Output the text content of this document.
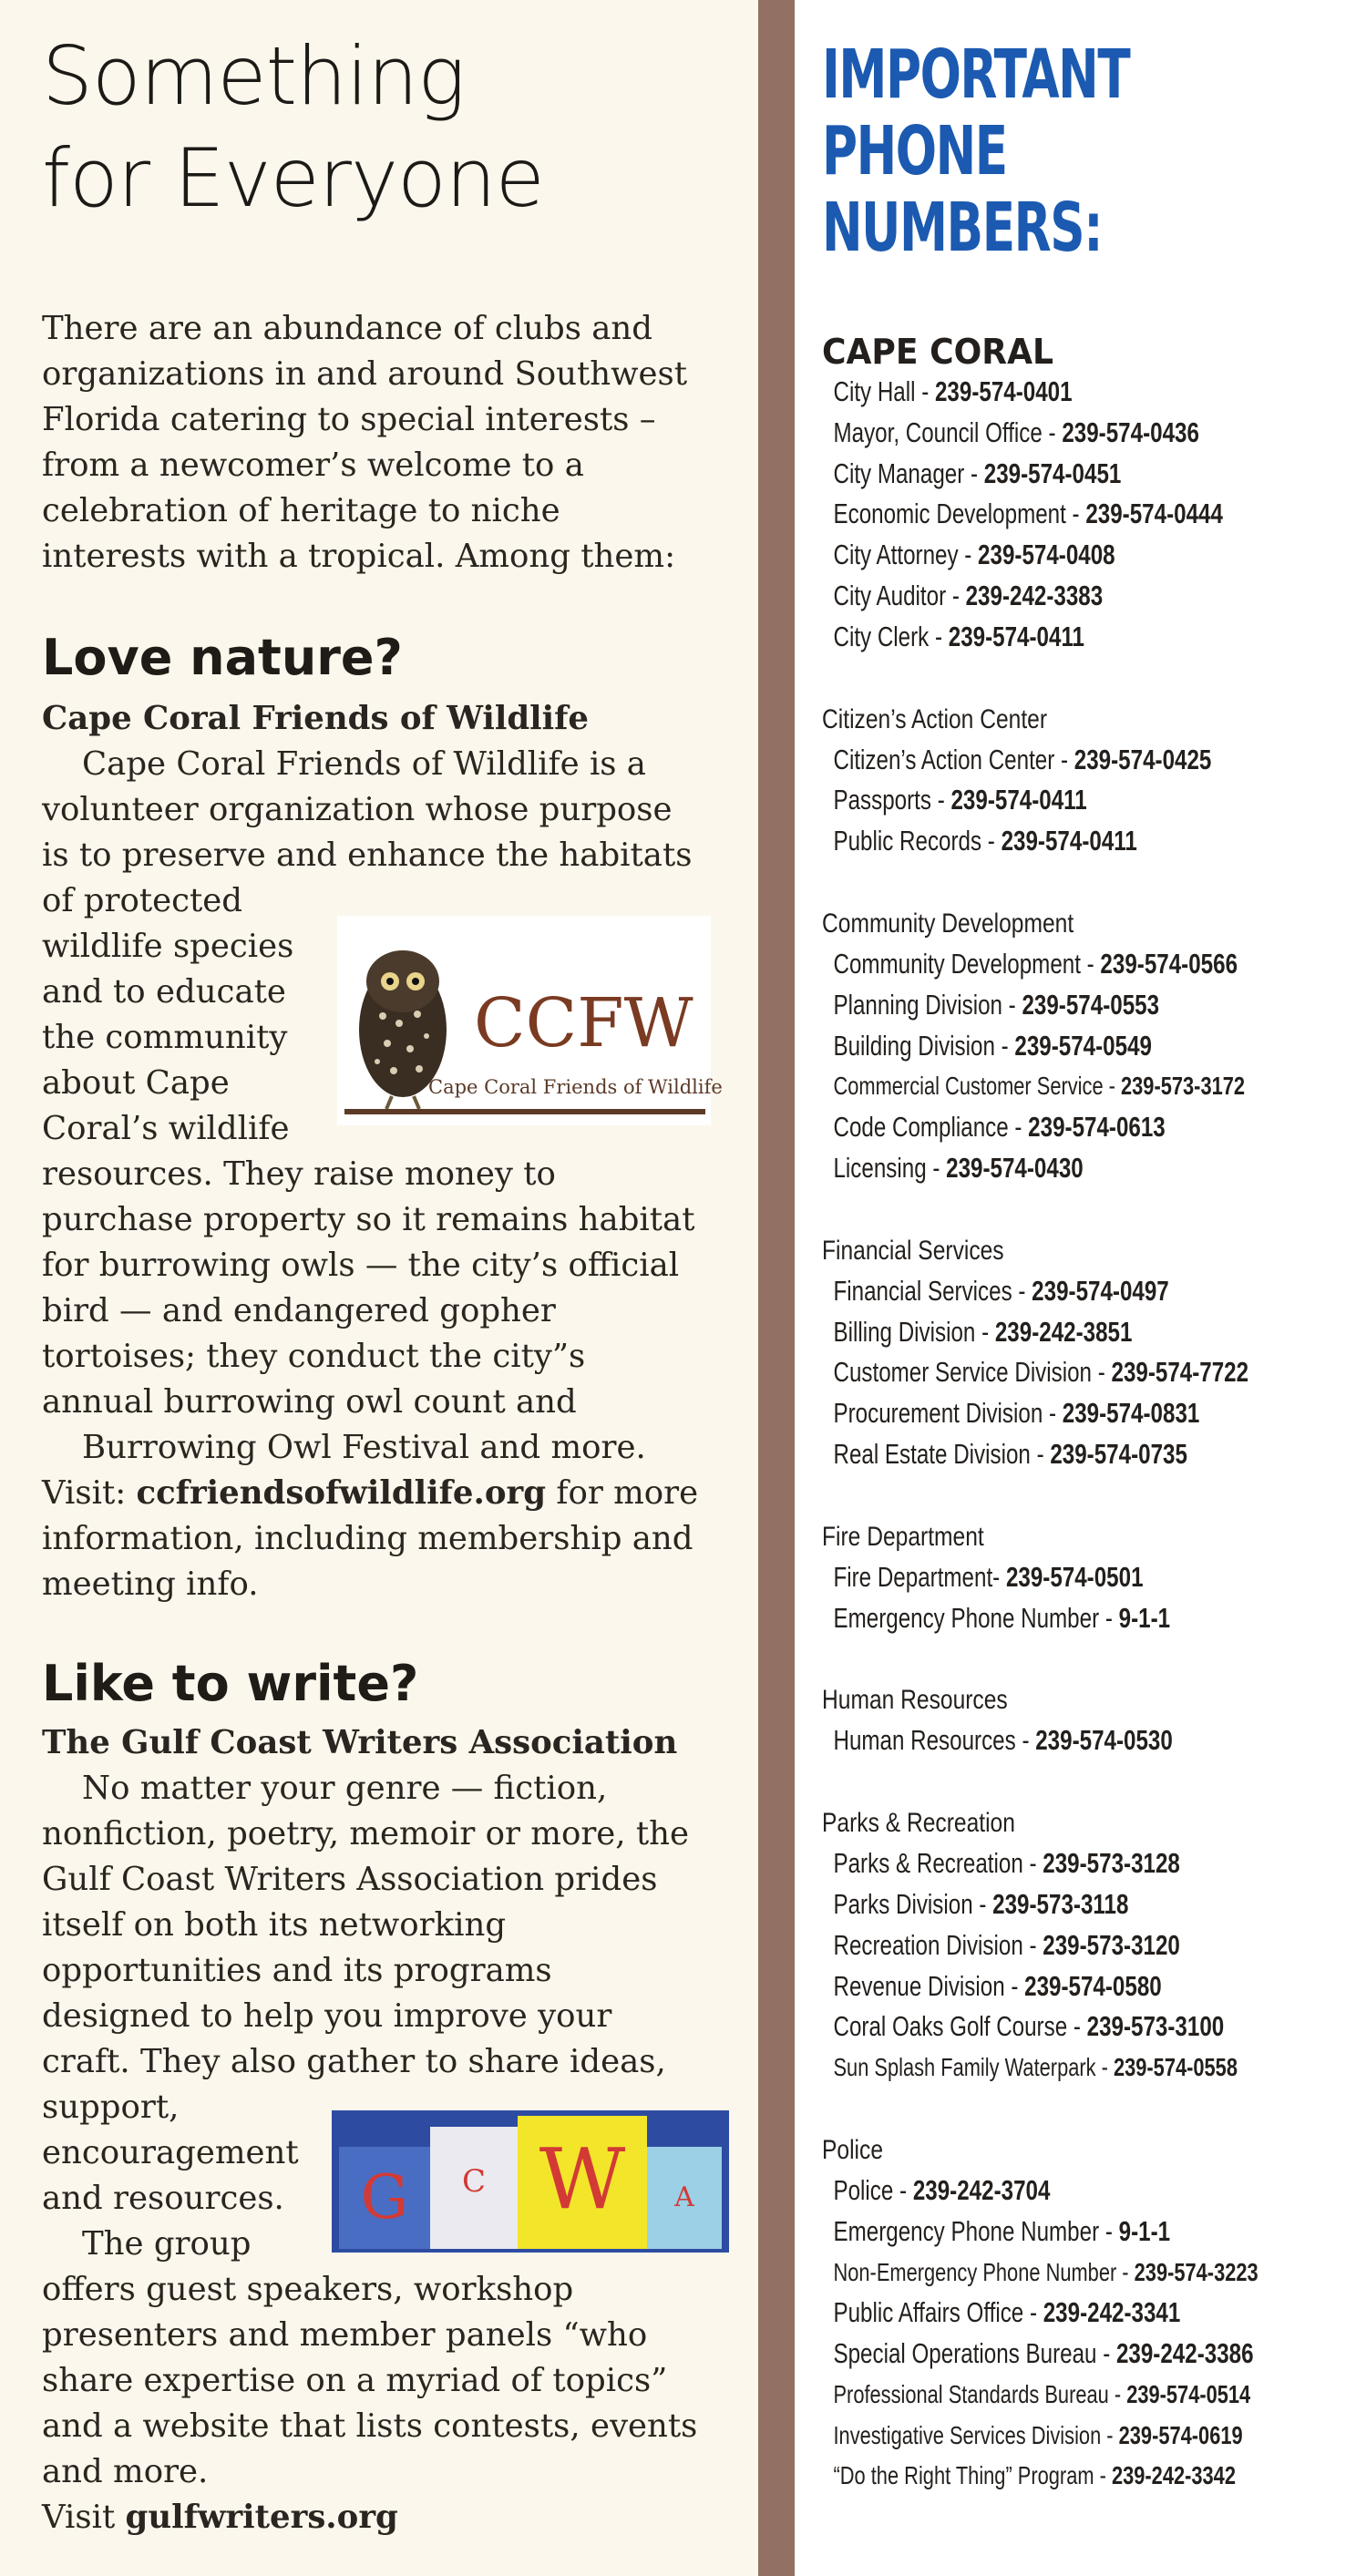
Something
for Everyone
There are an abundance of clubs and
organizations in and around Southwest
Florida catering to special interests –
from a newcomer’s welcome to a
celebration of heritage to niche
interests with a tropical. Among them:
Love nature?
Cape Coral Friends of Wildlife
Cape Coral Friends of Wildlife is a
volunteer organization whose purpose
is to preserve and enhance the habitats
of protected
wildlife species
and to educate
the community
about Cape
Coral’s wildlife
resources. They raise money to
purchase property so it remains habitat
for burrowing owls — the city’s official
bird — and endangered gopher
tortoises; they conduct the city”s
annual burrowing owl count and
Burrowing Owl Festival and more.
Visit: ccfriendsofwildlife.org for more
information, including membership and
meeting info.
CCFW
Cape Coral Friends of Wildlife
Like to write?
The Gulf Coast Writers Association
No matter your genre — fiction,
nonfiction, poetry, memoir or more, the
Gulf Coast Writers Association prides
itself on both its networking
opportunities and its programs
designed to help you improve your
craft. They also gather to share ideas,
support,
encouragement
and resources.
The group
offers guest speakers, workshop
presenters and member panels “who
share expertise on a myriad of topics”
and a website that lists contests, events
and more.
Visit gulfwriters.org
C
G W	A
IMPORTANT
PHONE
NUMBERS:
CAPE CORAL
City Hall - 239-574-0401
Mayor, Council Office - 239-574-0436
City Manager - 239-574-0451
Economic Development - 239-574-0444
City Attorney - 239-574-0408
City Auditor - 239-242-3383
City Clerk - 239-574-0411
Citizen’s Action Center
Citizen’s Action Center - 239-574-0425
Passports - 239-574-0411
Public Records - 239-574-0411
Community Development
Community Development - 239-574-0566
Planning Division - 239-574-0553
Building Division - 239-574-0549
Commercial Customer Service - 239-573-3172
Code Compliance - 239-574-0613
Licensing - 239-574-0430
Financial Services
Financial Services - 239-574-0497
Billing Division - 239-242-3851
Customer Service Division - 239-574-7722
Procurement Division - 239-574-0831
Real Estate Division - 239-574-0735
Fire Department
Fire Department- 239-574-0501
Emergency Phone Number - 9-1-1
Human Resources
Human Resources - 239-574-0530
Parks & Recreation
Parks & Recreation - 239-573-3128
Parks Division - 239-573-3118
Recreation Division - 239-573-3120
Revenue Division - 239-574-0580
Coral Oaks Golf Course - 239-573-3100
Sun Splash Family Waterpark - 239-574-0558
Police
Police - 239-242-3704
Emergency Phone Number - 9-1-1
Non-Emergency Phone Number - 239-574-3223
Public Affairs Office - 239-242-3341
Special Operations Bureau - 239-242-3386
Professional Standards Bureau - 239-574-0514
Investigative Services Division - 239-574-0619
“Do the Right Thing” Program - 239-242-3342
